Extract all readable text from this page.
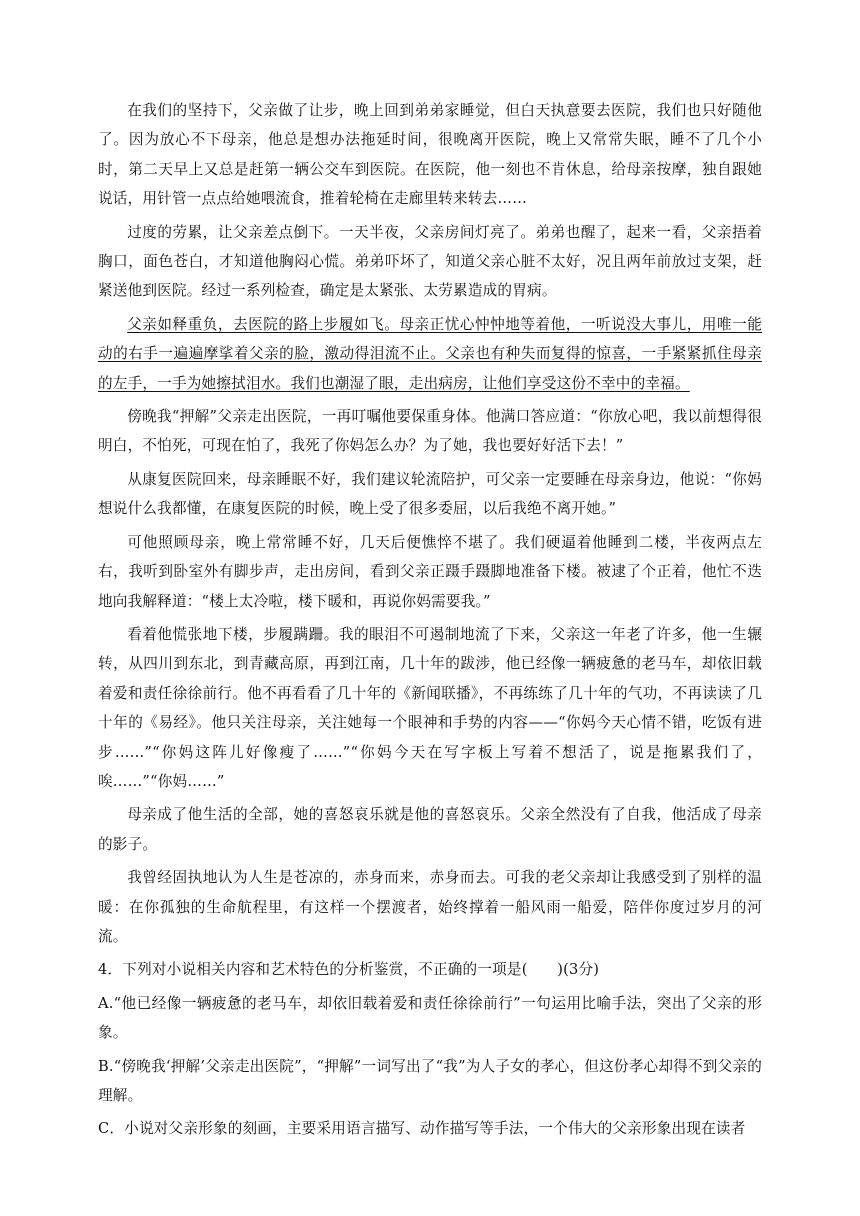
在我们的坚持下，父亲做了让步，晚上回到弟弟家睡觉，但白天执意要去医院，我们也只好随他了。因为放心不下母亲，他总是想办法拖延时间，很晚离开医院，晚上又常常失眠，睡不了几个小时，第二天早上又总是赶第一辆公交车到医院。在医院，他一刻也不肯休息，给母亲按摩，独自跟她说话，用针管一点点给她喂流食，推着轮椅在走廊里转来转去……

过度的劳累，让父亲差点倒下。一天半夜，父亲房间灯亮了。弟弟也醒了，起来一看，父亲捂着胸口，面色苍白，才知道他胸闷心慌。弟弟吓坏了，知道父亲心脏不太好，况且两年前放过支架，赶紧送他到医院。经过一系列检查，确定是太紧张、太劳累造成的胃病。

父亲如释重负，去医院的路上步履如飞。母亲正忧心忡忡地等着他，一听说没大事儿，用唯一能动的右手一遍遍摩挲着父亲的脸，激动得泪流不止。父亲也有种失而复得的惊喜，一手紧紧抓住母亲的左手，一手为她擦拭泪水。我们也潮湿了眼，走出病房，让他们享受这份不幸中的幸福。

傍晚我“押解”父亲走出医院，一再叮嘱他要保重身体。他满口答应道：“你放心吧，我以前想得很明白，不怕死，可现在怕了，我死了你妈怎么办？为了她，我也要好好活下去！”

从康复医院回来，母亲睡眠不好，我们建议轮流陪护，可父亲一定要睡在母亲身边，他说：“你妈想说什么我都懂，在康复医院的时候，晚上受了很多委屈，以后我绝不离开她。”

可他照顾母亲，晚上常常睡不好，几天后便憔悴不堪了。我们硬逼着他睡到二楼，半夜两点左右，我听到卧室外有脚步声，走出房间，看到父亲正蹑手蹑脚地准备下楼。被逮了个正着，他忙不迭地向我解释道：“楼上太冷啦，楼下暖和，再说你妈需要我。”

看着他慌张地下楼，步履蹒跚。我的眼泪不可遏制地流了下来，父亲这一年老了许多，他一生辗转，从四川到东北，到青藏高原，再到江南，几十年的跋涉，他已经像一辆疲惫的老马车，却依旧载着爱和责任徐徐前行。他不再看看了几十年的《新闻联播》，不再练练了几十年的气功，不再读读了几十年的《易经》。他只关注母亲，关注她每一个眼神和手势的内容——“你妈今天心情不错，吃饭有进步……”“你妈这阵儿好像瘦了……”“你妈今天在写字板上写着不想活了，说是拖累我们了，唉……”“你妈……”

母亲成了他生活的全部，她的喜怒哀乐就是他的喜怒哀乐。父亲全然没有了自我，他活成了母亲的影子。

我曾经固执地认为人生是苍凉的，赤身而来，赤身而去。可我的老父亲却让我感受到了别样的温暖：在你孤独的生命航程里，有这样一个摆渡者，始终撑着一船风雨一船爱，陪伴你度过岁月的河流。

4．下列对小说相关内容和艺术特色的分析鉴赏，不正确的一项是(　　)(3分)

A.“他已经像一辆疲惫的老马车，却依旧载着爱和责任徐徐前行”一句运用比喻手法，突出了父亲的形象。

B.“傍晚我‘押解’父亲走出医院”，“押解”一词写出了“我”为人子女的孝心，但这份孝心却得不到父亲的理解。

C．小说对父亲形象的刻画，主要采用语言描写、动作描写等手法，一个伟大的父亲形象出现在读者
